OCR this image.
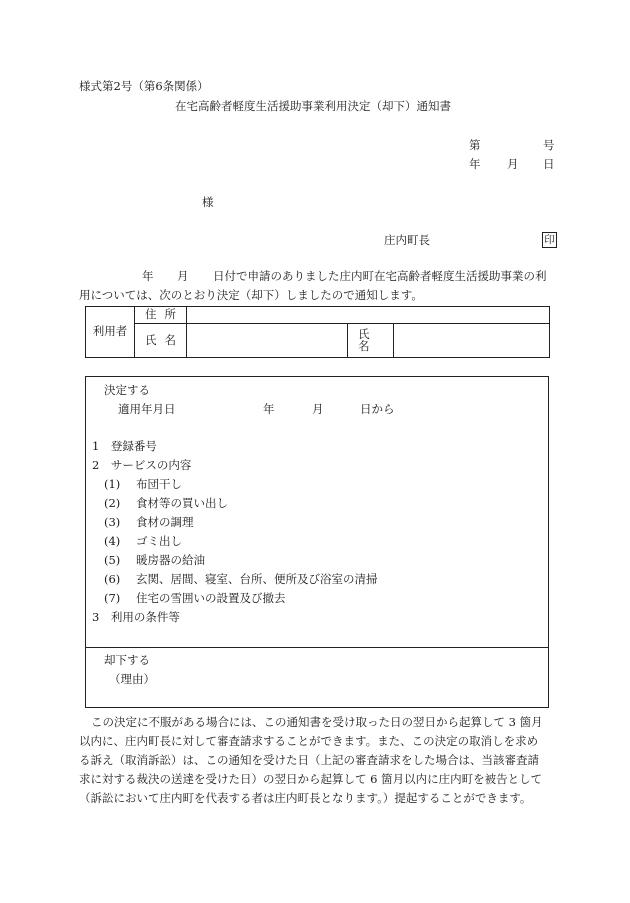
様式第2号（第6条関係）
在宅高齢者軽度生活援助事業利用決定（却下）通知書
第	号
年 月 日
様
庄内町長	印
年 月 日付で申請のありました庄内町在宅高齢者軽度生活援助事業の利
用については、次のとおり決定（却下）しましたので通知します。
利用者	住所			
	氏名		氏名	
決定する
適用年月日	年	月	日から
1　登録番号
2　サービスの内容
(1) 布団干し
(2) 食材等の買い出し
(3) 食材の調理
(4) ゴミ出し
(5) 暖房器の給油
(6) 玄関、居間、寝室、台所、便所及び浴室の清掃
(7) 住宅の雪囲いの設置及び撤去
3　利用の条件等
却下する
（理由）
この決定に不服がある場合には、この通知書を受け取った日の翌日から起算して 3 箇月
以内に、庄内町長に対して審査請求することができます。また、この決定の取消しを求め
る訴え（取消訴訟）は、この通知を受けた日（上記の審査請求をした場合は、当該審査請
求に対する裁決の送達を受けた日）の翌日から起算して 6 箇月以内に庄内町を被告として
（訴訟において庄内町を代表する者は庄内町長となります。）提起することができます。
